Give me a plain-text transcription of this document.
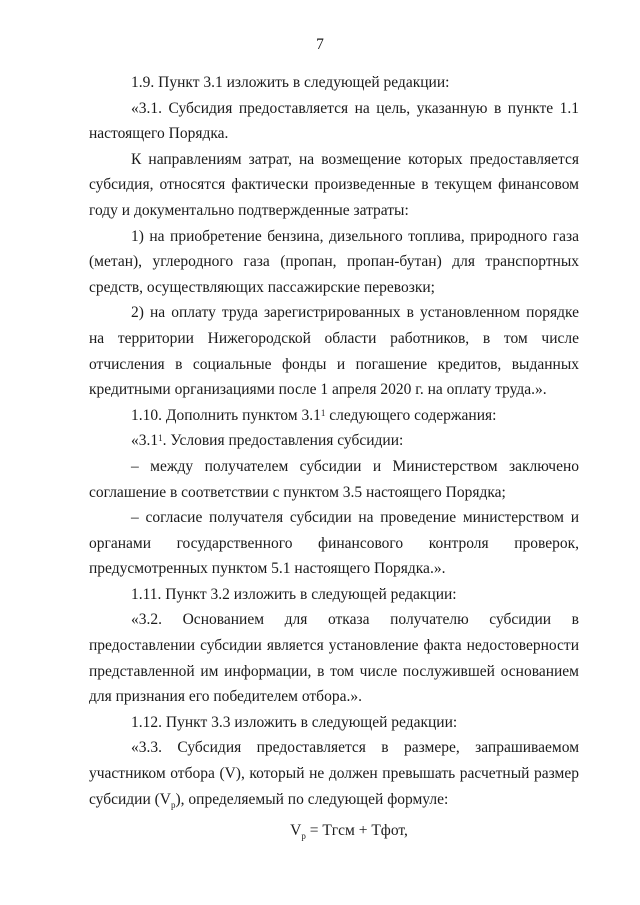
7

1.9. Пункт 3.1 изложить в следующей редакции:

«3.1. Субсидия предоставляется на цель, указанную в пункте 1.1 настоящего Порядка.

К направлениям затрат, на возмещение которых предоставляется субсидия, относятся фактически произведенные в текущем финансовом году и документально подтвержденные затраты:

1) на приобретение бензина, дизельного топлива, природного газа (метан), углеродного газа (пропан, пропан-бутан) для транспортных средств, осуществляющих пассажирские перевозки;

2) на оплату труда зарегистрированных в установленном порядке на территории Нижегородской области работников, в том числе отчисления в социальные фонды и погашение кредитов, выданных кредитными организациями после 1 апреля 2020 г. на оплату труда.».

1.10. Дополнить пунктом $3.1^1$ следующего содержания:

«$3.1^1$. Условия предоставления субсидии:

– между получателем субсидии и Министерством заключено соглашение в соответствии с пунктом 3.5 настоящего Порядка;

– согласие получателя субсидии на проведение министерством и органами государственного финансового контроля проверок, предусмотренных пунктом 5.1 настоящего Порядка.».

1.11. Пункт 3.2 изложить в следующей редакции:

«3.2. Основанием для отказа получателю субсидии в предоставлении субсидии является установление факта недостоверности представленной им информации, в том числе послужившей основанием для признания его победителем отбора.».

1.12. Пункт 3.3 изложить в следующей редакции:

«3.3. Субсидия предоставляется в размере, запрашиваемом участником отбора (V), который не должен превышать расчетный размер субсидии $(V_р)$, определяемый по следующей формуле:

$V_р$ = Тгсм + Тфот,
